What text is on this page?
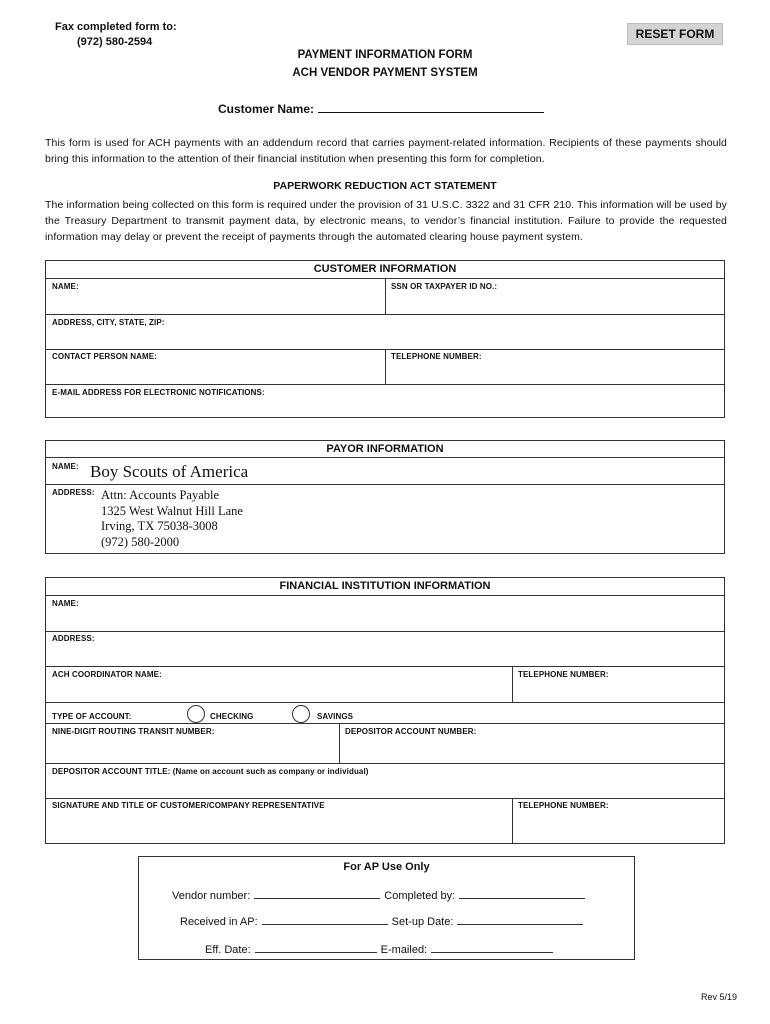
Fax completed form to:
(972) 580-2594
RESET FORM
PAYMENT INFORMATION FORM
ACH VENDOR PAYMENT SYSTEM
Customer Name:
This form is used for ACH payments with an addendum record that carries payment-related information. Recipients of these payments should bring this information to the attention of their financial institution when presenting this form for completion.
PAPERWORK REDUCTION ACT STATEMENT
The information being collected on this form is required under the provision of 31 U.S.C. 3322 and 31 CFR 210. This information will be used by the Treasury Department to transmit payment data, by electronic means, to vendor’s financial institution. Failure to provide the requested information may delay or prevent the receipt of payments through the automated clearing house payment system.
CUSTOMER INFORMATION
NAME:	SSN OR TAXPAYER ID NO.:
ADDRESS, CITY, STATE, ZIP:
CONTACT PERSON NAME:	TELEPHONE NUMBER:
E-MAIL ADDRESS FOR ELECTRONIC NOTIFICATIONS:
PAYOR INFORMATION
NAME: Boy Scouts of America
ADDRESS: Attn: Accounts Payable
1325 West Walnut Hill Lane
Irving, TX 75038-3008
(972) 580-2000
FINANCIAL INSTITUTION INFORMATION
NAME:
ADDRESS:
ACH COORDINATOR NAME:	TELEPHONE NUMBER:
TYPE OF ACCOUNT:	CHECKING	SAVINGS
NINE-DIGIT ROUTING TRANSIT NUMBER:	DEPOSITOR ACCOUNT NUMBER:
DEPOSITOR ACCOUNT TITLE: (Name on account such as company or individual)
SIGNATURE AND TITLE OF CUSTOMER/COMPANY REPRESENTATIVE	TELEPHONE NUMBER:
For AP Use Only
Vendor number:	Completed by:
Received in AP:	Set-up Date:
Eff. Date:	E-mailed:
Rev 5/19
